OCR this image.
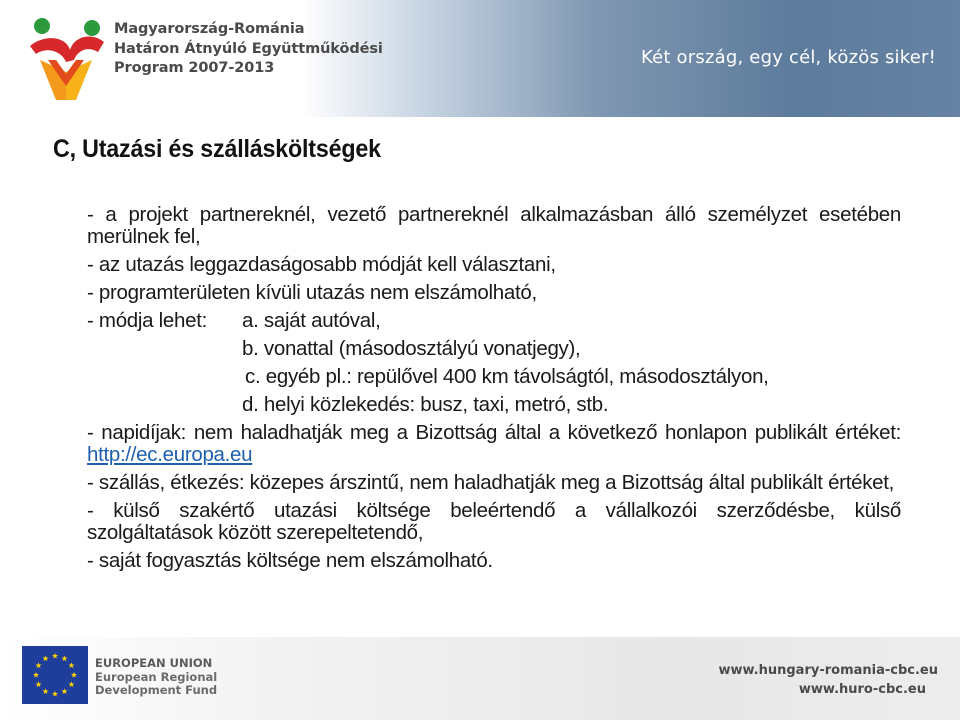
Magyarország-Románia
Határon Átnyúló Együttműködési
Program 2007-2013	Két ország, egy cél, közös siker!
C, Utazási és szállásköltségek

- a projekt partnereknél, vezető partnereknél alkalmazásban álló személyzet esetében merülnek fel,

- az utazás leggazdaságosabb módját kell választani,

- programterületen kívüli utazás nem elszámolható,

- módja lehet:	a. saját autóval,
b. vonattal (másodosztályú vonatjegy),
c. egyéb pl.: repülővel 400 km távolságtól, másodosztályon,
d. helyi közlekedés: busz, taxi, metró, stb.

- napidíjak: nem haladhatják meg a Bizottság által a következő honlapon publikált értéket: http://ec.europa.eu

- szállás, étkezés: közepes árszintű, nem haladhatják meg a Bizottság által publikált értéket,

- külső szakértő utazási költsége beleértendő a vállalkozói szerződésbe, külső szolgáltatások között szerepeltetendő,

- saját fogyasztás költsége nem elszámolható.

EUROPEAN UNION
European Regional
Development Fund
www.hungary-romania-cbc.eu
www.huro-cbc.eu
